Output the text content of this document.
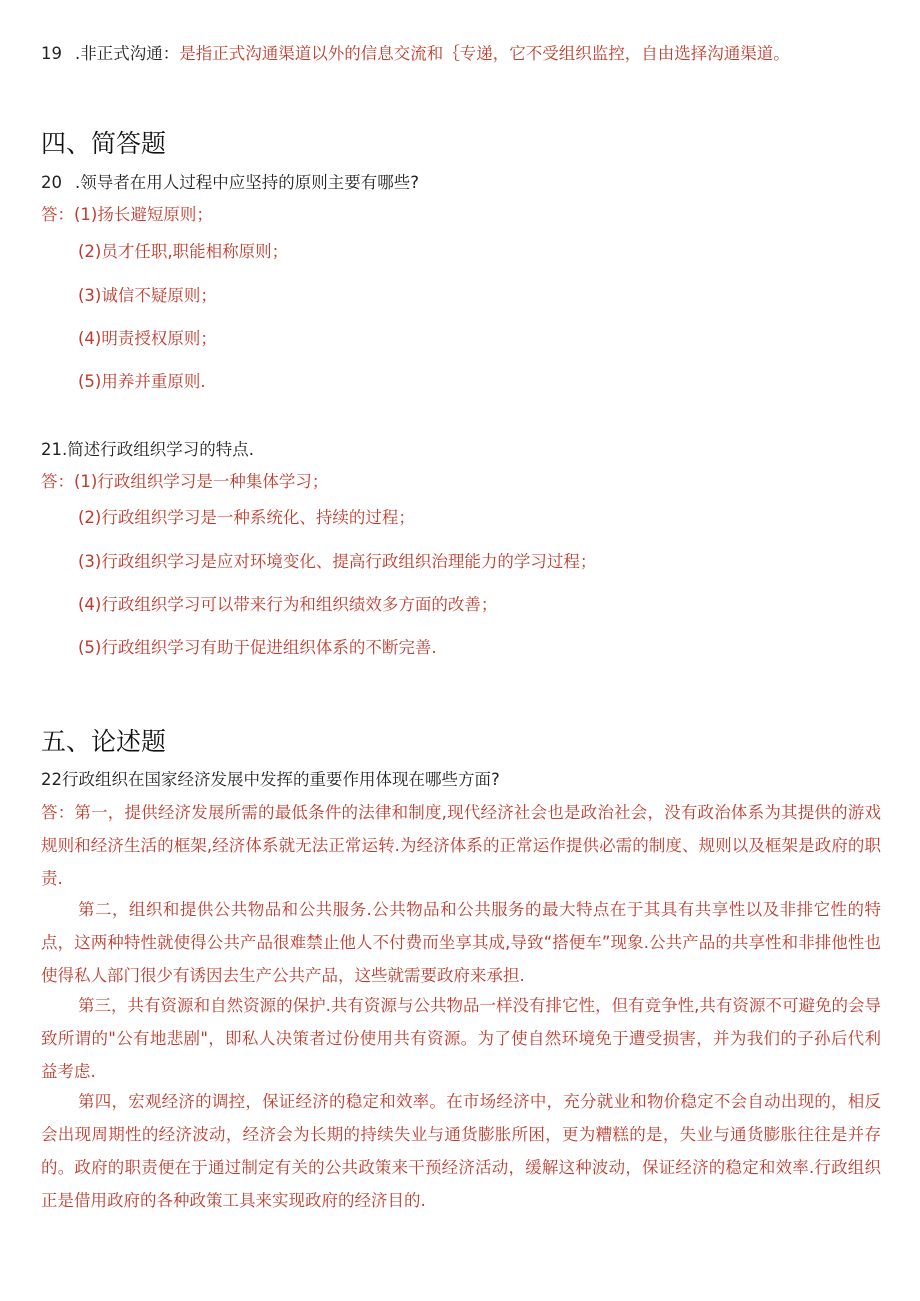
19 .非正式沟通：是指正式沟通渠道以外的信息交流和｛专递，它不受组织监控，自由选择沟通渠道。
四、简答题
20 .领导者在用人过程中应坚持的原则主要有哪些?
答：(1)扬长避短原则；
(2)员才任职,职能相称原则；
(3)诚信不疑原则；
(4)明责授权原则；
(5)用养并重原则.
21.简述行政组织学习的特点.
答：(1)行政组织学习是一种集体学习；
(2)行政组织学习是一种系统化、持续的过程；
(3)行政组织学习是应对环境变化、提高行政组织治理能力的学习过程；
(4)行政组织学习可以带来行为和组织绩效多方面的改善；
(5)行政组织学习有助于促进组织体系的不断完善.
五、论述题
22行政组织在国家经济发展中发挥的重要作用体现在哪些方面?
答：第一，提供经济发展所需的最低条件的法律和制度,现代经济社会也是政治社会，没有政治体系为其提供的游戏规则和经济生活的框架,经济体系就无法正常运转.为经济体系的正常运作提供必需的制度、规则以及框架是政府的职责.
第二，组织和提供公共物品和公共服务.公共物品和公共服务的最大特点在于其具有共享性以及非排它性的特点，这两种特性就使得公共产品很难禁止他人不付费而坐享其成,导致“搭便车”现象.公共产品的共享性和非排他性也使得私人部门很少有诱因去生产公共产品，这些就需要政府来承担.
第三，共有资源和自然资源的保护.共有资源与公共物品一样没有排它性，但有竞争性,共有资源不可避免的会导致所谓的"公有地悲剧"，即私人决策者过份使用共有资源。为了使自然环境免于遭受损害，并为我们的子孙后代利益考虑.
第四，宏观经济的调控，保证经济的稳定和效率。在市场经济中，充分就业和物价稳定不会自动出现的，相反会出现周期性的经济波动，经济会为长期的持续失业与通货膨胀所困，更为糟糕的是，失业与通货膨胀往往是并存的。政府的职责便在于通过制定有关的公共政策来干预经济活动，缓解这种波动，保证经济的稳定和效率.行政组织正是借用政府的各种政策工具来实现政府的经济目的.
